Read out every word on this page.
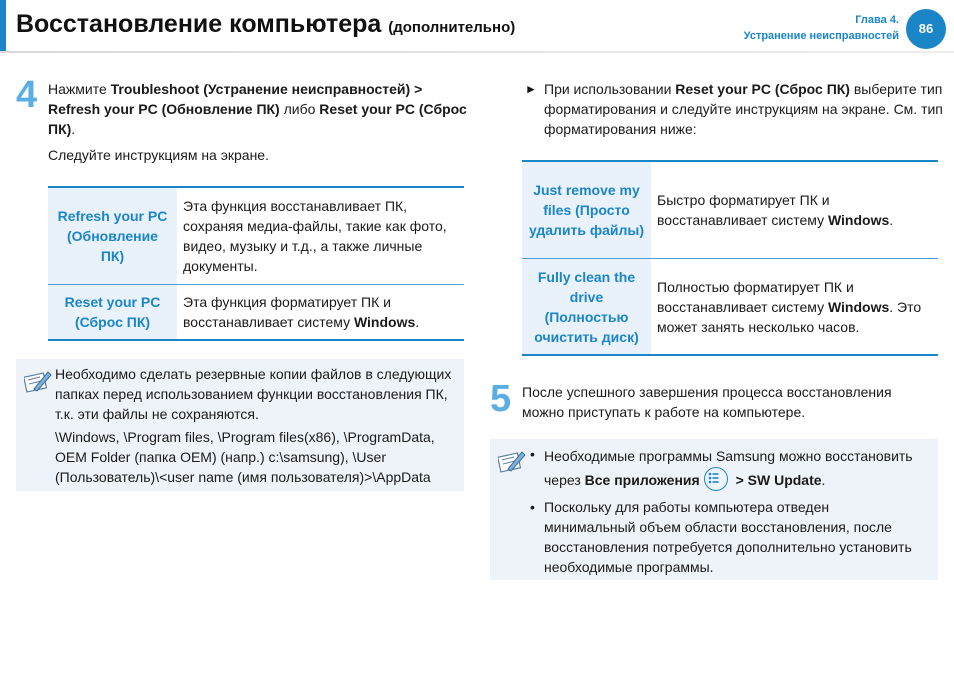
Восстановление компьютера (дополнительно)	Глава 4.
Устранение неисправностей	86
4 Нажмите Troubleshoot (Устранение неисправностей) > Refresh your PC (Обновление ПК) либо Reset your PC (Сброс ПК).
Следуйте инструкциям на экране.
Refresh your PC (Обновление ПК)	Эта функция восстанавливает ПК, сохраняя медиа-файлы, такие как фото, видео, музыку и т.д., а также личные документы.
Reset your PC (Сброс ПК)	Эта функция форматирует ПК и восстанавливает систему Windows.

Необходимо сделать резервные копии файлов в следующих папках перед использованием функции восстановления ПК, т.к. эти файлы не сохраняются.

\Windows, \Program files, \Program files(x86), \ProgramData, OEM Folder (папка OEM) (напр.) c:\samsung), \User (Пользователь)\<user name (имя пользователя)>\AppData

► При использовании Reset your PC (Сброс ПК) выберите тип форматирования и следуйте инструкциям на экране. См. тип форматирования ниже:
Just remove my files (Просто удалить файлы)	Быстро форматирует ПК и восстанавливает систему Windows.
Fully clean the drive (Полностью очистить диск)	Полностью форматирует ПК и восстанавливает систему Windows. Это может занять несколько часов.
5 После успешного завершения процесса восстановления можно приступать к работе на компьютере.
• Необходимые программы Samsung можно восстановить через Все приложения
> SW Update.
• Поскольку для работы компьютера отведен минимальный объем области восстановления, после восстановления потребуется дополнительно установить необходимые программы.
